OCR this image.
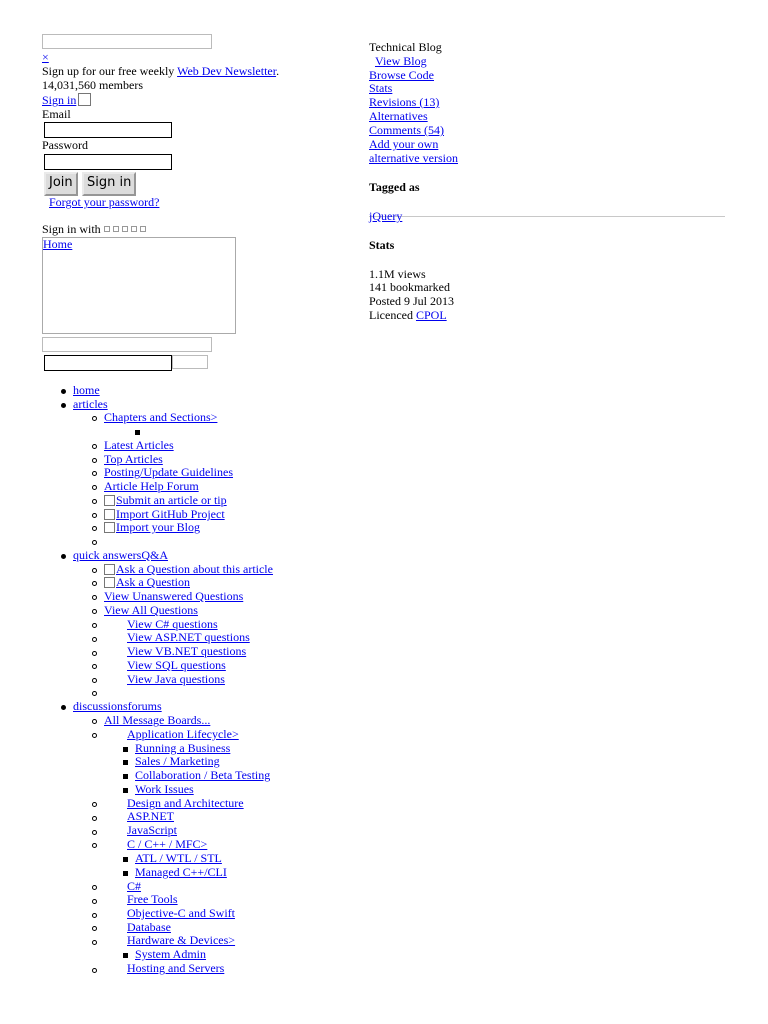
×
Sign up for our free weekly Web Dev Newsletter.
14,031,560 members
Sign in
Email
Password
Join	Sign in
Forgot your password?
Sign in with
Home
home
articles
Chapters and Sections>
Latest Articles
Top Articles
Posting/Update Guidelines
Article Help Forum
Submit an article or tip
Import GitHub Project
Import your Blog
quick answersQ&A
Ask a Question about this article
Ask a Question
View Unanswered Questions
View All Questions
View C# questions
View ASP.NET questions
View VB.NET questions
View SQL questions
View Java questions
discussionsforums
All Message Boards...
Application Lifecycle>
Running a Business
Sales / Marketing
Collaboration / Beta Testing
Work Issues
Design and Architecture
ASP.NET
JavaScript
C / C++ / MFC>
ATL / WTL / STL
Managed C++/CLI
C#
Free Tools
Objective-C and Swift
Database
Hardware & Devices>
System Admin
Hosting and Servers
Technical Blog
View Blog
Browse Code
Stats
Revisions (13)
Alternatives
Comments (54)
Add your own
alternative version
Tagged as
jQuery
Stats
1.1M views
141 bookmarked
Posted 9 Jul 2013
Licenced CPOL
